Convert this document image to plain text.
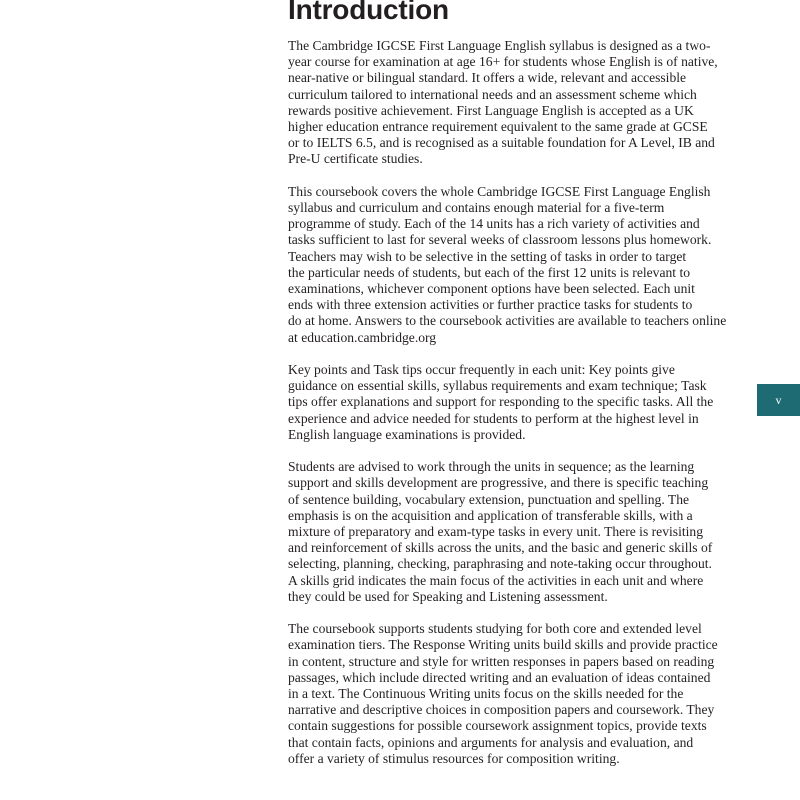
Introduction

The Cambridge IGCSE First Language English syllabus is designed as a two-
year course for examination at age 16+ for students whose English is of native,
near-native or bilingual standard. It offers a wide, relevant and accessible
curriculum tailored to international needs and an assessment scheme which
rewards positive achievement. First Language English is accepted as a UK
higher education entrance requirement equivalent to the same grade at GCSE
or to IELTS 6.5, and is recognised as a suitable foundation for A Level, IB and
Pre-U certificate studies.

This coursebook covers the whole Cambridge IGCSE First Language English
syllabus and curriculum and contains enough material for a five-term
programme of study. Each of the 14 units has a rich variety of activities and
tasks sufficient to last for several weeks of classroom lessons plus homework.
Teachers may wish to be selective in the setting of tasks in order to target
the particular needs of students, but each of the first 12 units is relevant to
examinations, whichever component options have been selected. Each unit
ends with three extension activities or further practice tasks for students to
do at home. Answers to the coursebook activities are available to teachers online
at education.cambridge.org

Key points and Task tips occur frequently in each unit: Key points give
guidance on essential skills, syllabus requirements and exam technique; Task
tips offer explanations and support for responding to the specific tasks. All the
experience and advice needed for students to perform at the highest level in
English language examinations is provided.

Students are advised to work through the units in sequence; as the learning
support and skills development are progressive, and there is specific teaching
of sentence building, vocabulary extension, punctuation and spelling. The
emphasis is on the acquisition and application of transferable skills, with a
mixture of preparatory and exam-type tasks in every unit. There is revisiting
and reinforcement of skills across the units, and the basic and generic skills of
selecting, planning, checking, paraphrasing and note-taking occur throughout.
A skills grid indicates the main focus of the activities in each unit and where
they could be used for Speaking and Listening assessment.

The coursebook supports students studying for both core and extended level
examination tiers. The Response Writing units build skills and provide practice
in content, structure and style for written responses in papers based on reading
passages, which include directed writing and an evaluation of ideas contained
in a text. The Continuous Writing units focus on the skills needed for the
narrative and descriptive choices in composition papers and coursework. They
contain suggestions for possible coursework assignment topics, provide texts
that contain facts, opinions and arguments for analysis and evaluation, and
offer a variety of stimulus resources for composition writing.

v
